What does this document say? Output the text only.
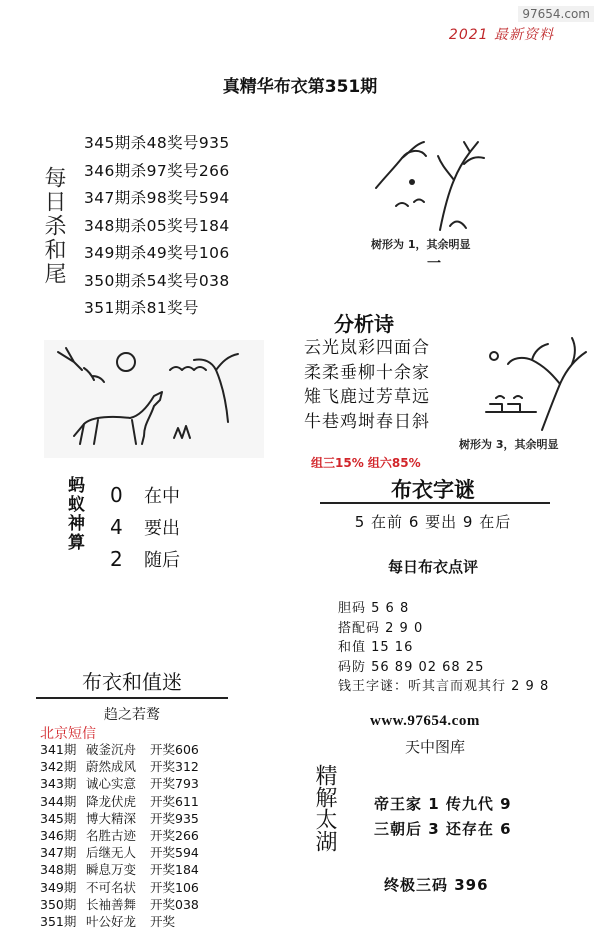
97654.com
2021 最新资料
真精华布衣第351期
每日杀和尾
345期杀48奖号935
346期杀97奖号266
347期杀98奖号594
348期杀05奖号184
349期杀49奖号106
350期杀54奖号038
351期杀81奖号
树形为 1，其余明显
一
分析诗
云光岚彩四面合
柔柔垂柳十余家
雉飞鹿过芳草远
牛巷鸡埘春日斜
树形为 3，其余明显
组三15% 组六85%
蚂蚁神算 0 在中
4 要出
2 随后
布衣字谜
5 在前 6 要出 9 在后
每日布衣点评
胆码 5 6 8
搭配码 2 9 0
和值 15 16
码防 56 89 02 68 25
钱王字谜：听其言而观其行 2 9 8
www.97654.com
天中图库
精解太湖	帝王家 1 传九代 9
三朝后 3 还存在 6
终极三码 396
布衣和值迷
趋之若鹜
北京短信
341期 破釜沉舟 开奖606
342期 蔚然成风 开奖312
343期 诚心实意 开奖793
344期 降龙伏虎 开奖611
345期 博大精深 开奖935
346期 名胜古迹 开奖266
347期 后继无人 开奖594
348期 瞬息万变 开奖184
349期 不可名状 开奖106
350期 长袖善舞 开奖038
351期 叶公好龙 开奖
